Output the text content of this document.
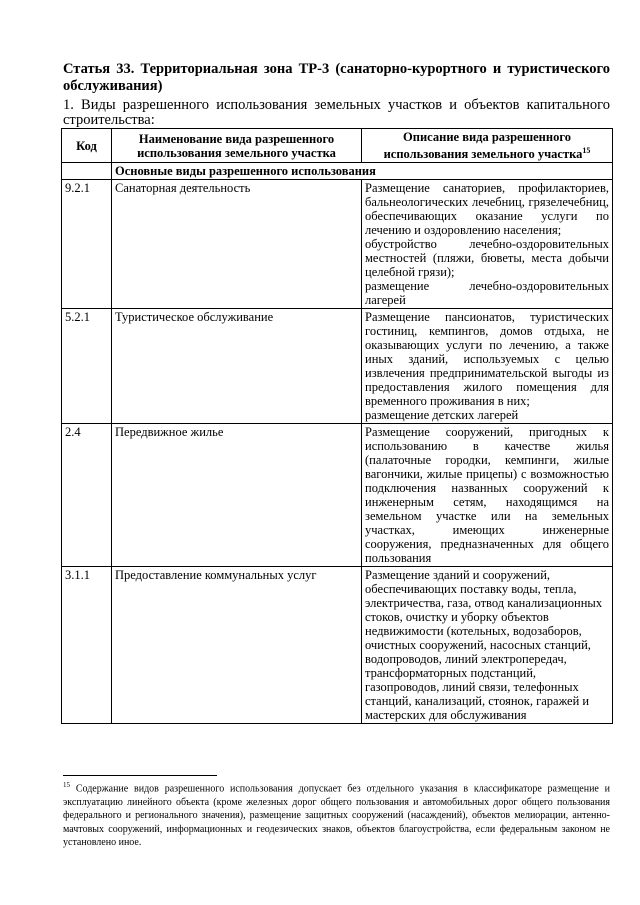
Статья 33. Территориальная зона ТР-3 (санаторно-курортного и туристического обслуживания)
1. Виды разрешенного использования земельных участков и объектов капитального строительства:
Код	Наименование вида разрешенного использования земельного участка	Описание вида разрешенного использования земельного участка$^{15}$
	Основные виды разрешенного использования	
9.2.1	Санаторная деятельность	Размещение санаториев, профилакториев, бальнеологических лечебниц, грязелечебниц, обеспечивающих оказание услуги по лечению и оздоровлению населения;
обустройство лечебно-оздоровительных местностей (пляжи, бюветы, места добычи целебной грязи);
размещение лечебно-оздоровительных лагерей

5.2.1	Туристическое обслуживание	Размещение пансионатов, туристических гостиниц, кемпингов, домов отдыха, не оказывающих услуги по лечению, а также иных зданий, используемых с целью извлечения предпринимательской выгоды из предоставления жилого помещения для временного проживания в них;
размещение детских лагерей

2.4	Передвижное жилье	Размещение сооружений, пригодных к использованию в качестве жилья (палаточные городки, кемпинги, жилые вагончики, жилые прицепы) с возможностью подключения названных сооружений к инженерным сетям, находящимся на земельном участке или на земельных участках, имеющих инженерные сооружения, предназначенных для общего пользования

3.1.1	Предоставление коммунальных услуг	Размещение зданий и сооружений, обеспечивающих поставку воды, тепла, электричества, газа, отвод канализационных стоков, очистку и уборку объектов недвижимости (котельных, водозаборов, очистных сооружений, насосных станций, водопроводов, линий электропередач, трансформаторных подстанций, газопроводов, линий связи, телефонных станций, канализаций, стоянок, гаражей и мастерских для обслуживания
$^{15}$ Содержание видов разрешенного использования допускает без отдельного указания в классификаторе размещение и эксплуатацию линейного объекта (кроме железных дорог общего пользования и автомобильных дорог общего пользования федерального и регионального значения), размещение защитных сооружений (насаждений), объектов мелиорации, антенно-мачтовых сооружений, информационных и геодезических знаков, объектов благоустройства, если федеральным законом не установлено иное.
